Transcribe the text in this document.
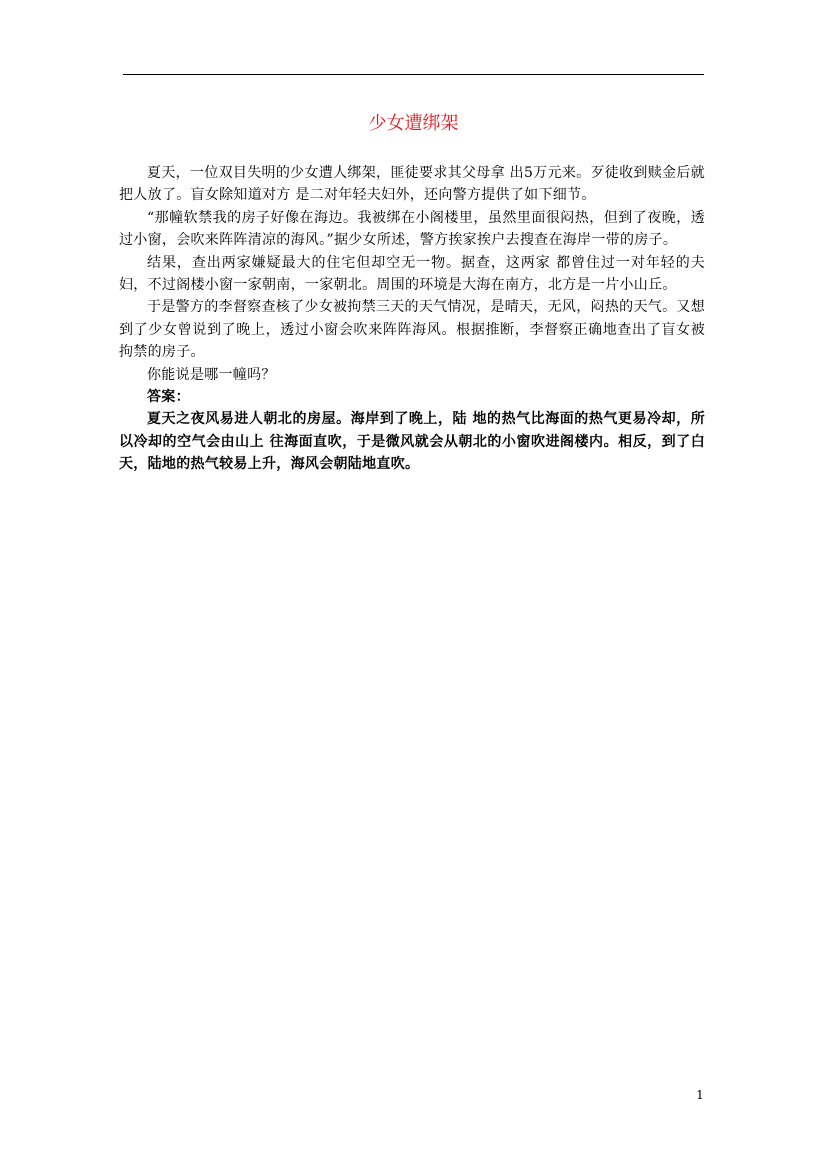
少女遭绑架

夏天，一位双目失明的少女遭人绑架，匪徒要求其父母拿 出5万元来。歹徒收到赎金后就把人放了。盲女除知道对方 是二对年轻夫妇外，还向警方提供了如下细节。

“那幢软禁我的房子好像在海边。我被绑在小阁楼里，虽然里面很闷热，但到了夜晚，透过小窗，会吹来阵阵清凉的海风。”据少女所述，警方挨家挨户去搜查在海岸一带的房子。

结果，查出两家嫌疑最大的住宅但却空无一物。据查，这两家 都曾住过一对年轻的夫妇，不过阁楼小窗一家朝南，一家朝北。周围的环境是大海在南方，北方是一片小山丘。

于是警方的李督察查核了少女被拘禁三天的天气情况，是晴天，无风，闷热的天气。又想到了少女曾说到了晚上，透过小窗会吹来阵阵海风。根据推断，李督察正确地查出了盲女被拘禁的房子。

你能说是哪一幢吗？

答案：

夏天之夜风易进人朝北的房屋。海岸到了晚上，陆 地的热气比海面的热气更易冷却，所以冷却的空气会由山上 往海面直吹，于是微风就会从朝北的小窗吹进阁楼内。相反，到了白天，陆地的热气较易上升，海风会朝陆地直吹。

1
